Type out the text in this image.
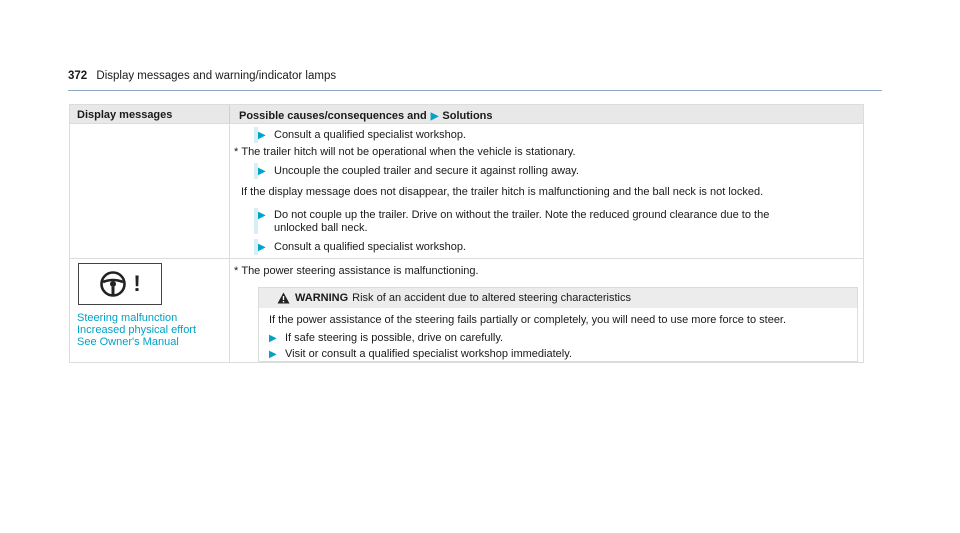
372 Display messages and warning/indicator lamps
Display messages	Possible causes/consequences and ▶ Solutions
▶ Consult a qualified specialist workshop.
* The trailer hitch will not be operational when the vehicle is stationary.
▶ Uncouple the coupled trailer and secure it against rolling away.
If the display message does not disappear, the trailer hitch is malfunctioning and the ball neck is not locked.
▶ Do not couple up the trailer. Drive on without the trailer. Note the reduced ground clearance due to the
unlocked ball neck.
▶ Consult a qualified specialist workshop.
!
Steering malfunction
Increased physical effort
See Owner's Manual
* The power steering assistance is malfunctioning.
WARNING Risk of an accident due to altered steering characteristics
If the power assistance of the steering fails partially or completely, you will need to use more force to steer.
▶ If safe steering is possible, drive on carefully.
▶ Visit or consult a qualified specialist workshop immediately.
